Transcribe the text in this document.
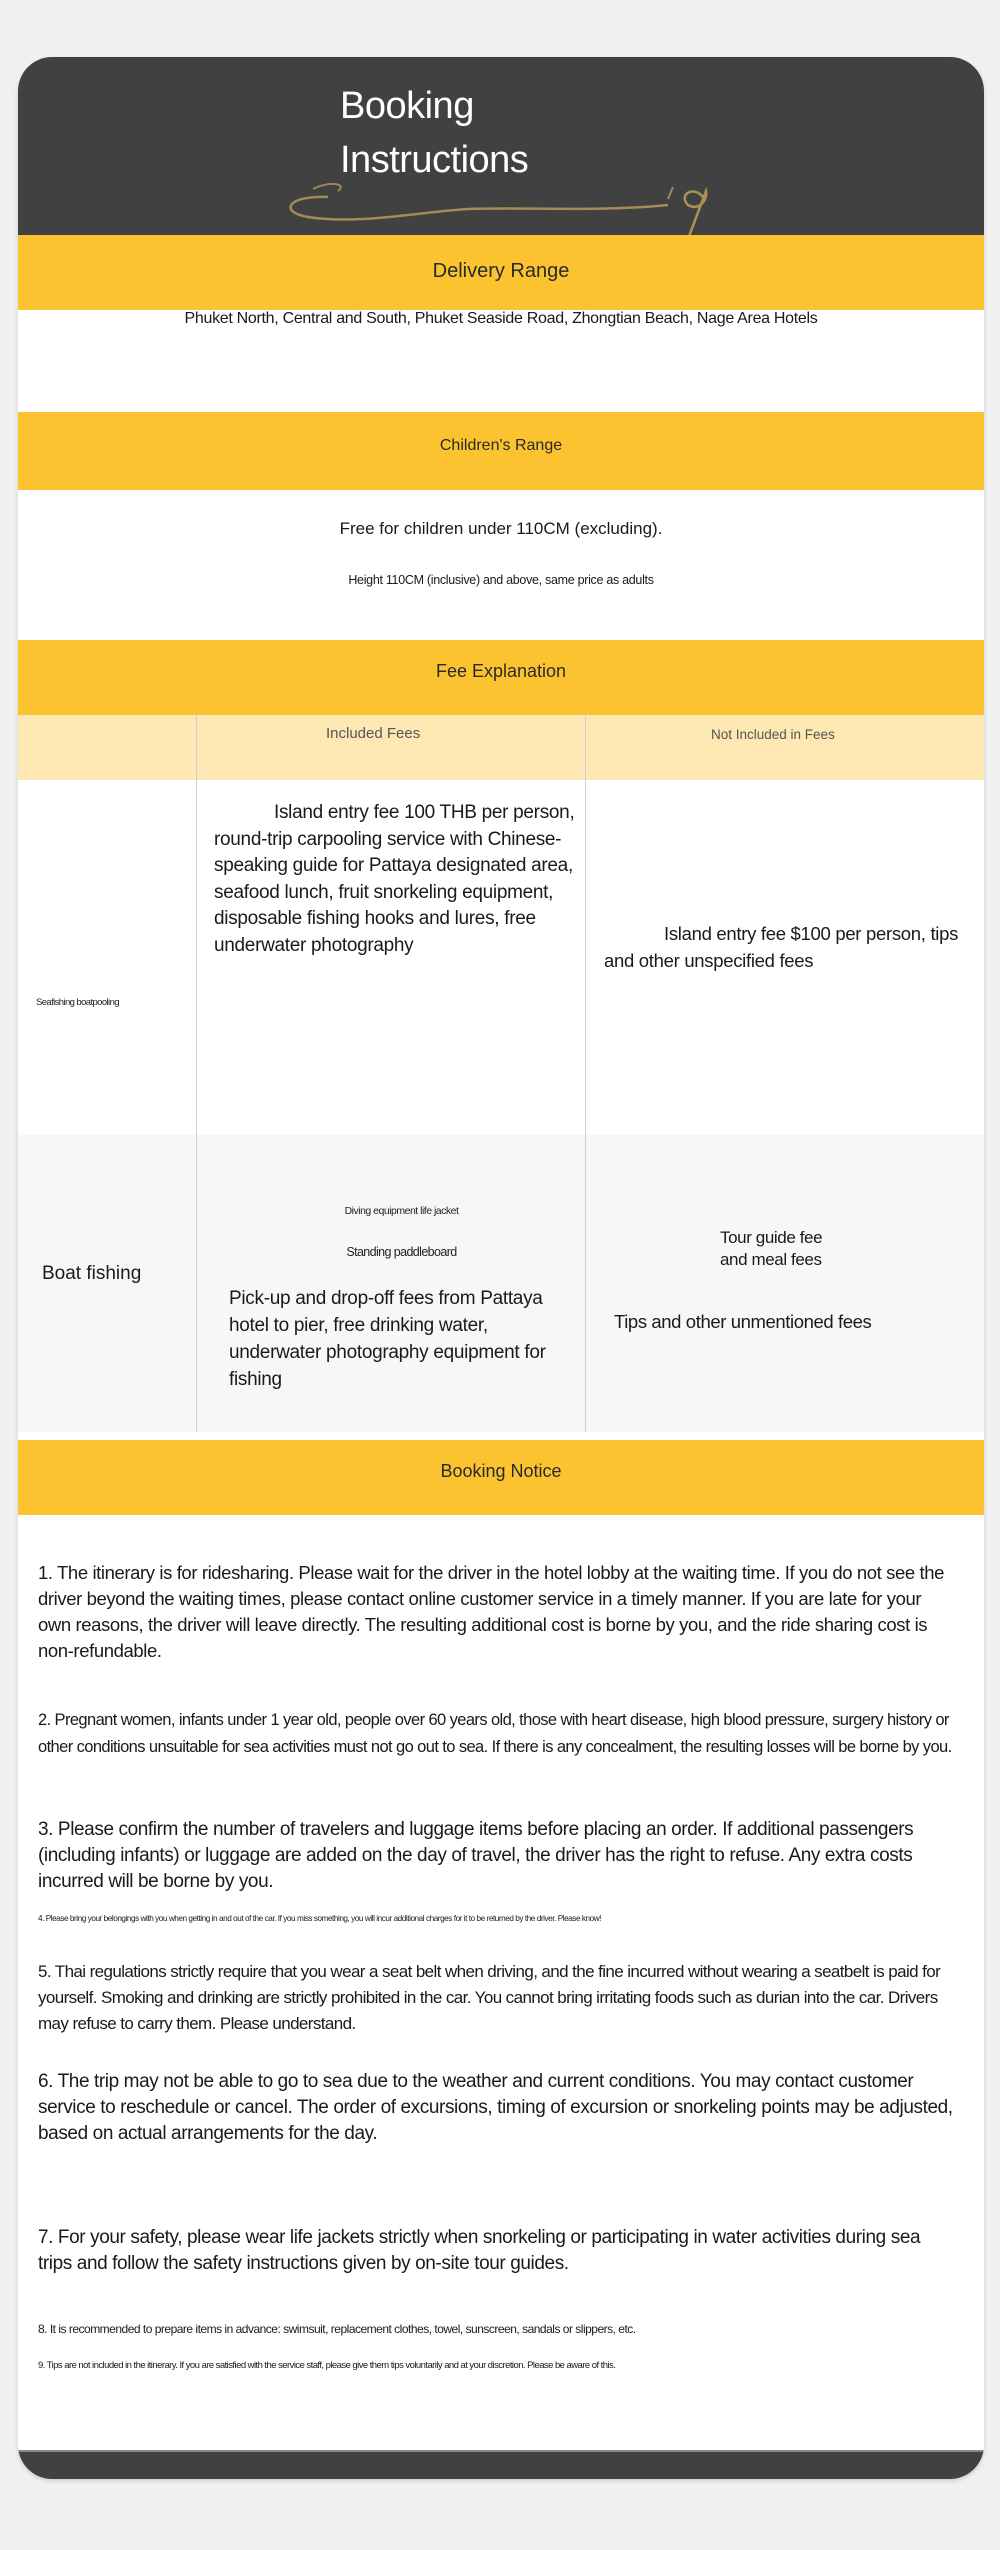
Booking
Instructions
Delivery Range
Phuket North, Central and South, Phuket Seaside Road, Zhongtian Beach, Nage Area Hotels
Children's Range
Free for children under 110CM (excluding).
Height 110CM (inclusive) and above, same price as adults
Fee Explanation
Included Fees	Not Included in Fees
Seafishing boatpooling
Island entry fee 100 THB per person, round-trip carpooling service with Chinese-speaking guide for Pattaya designated area, seafood lunch, fruit snorkeling equipment, disposable fishing hooks and lures, free underwater photography
Island entry fee $100 per person, tips and other unspecified fees
Boat fishing
Diving equipment life jacket
Standing paddleboard
Pick-up and drop-off fees from Pattaya hotel to pier, free drinking water, underwater photography equipment for fishing
Tour guide fee and meal fees
Tips and other unmentioned fees
Booking Notice
1. The itinerary is for ridesharing. Please wait for the driver in the hotel lobby at the waiting time. If you do not see the driver beyond the waiting times, please contact online customer service in a timely manner. If you are late for your own reasons, the driver will leave directly. The resulting additional cost is borne by you, and the ride sharing cost is non-refundable.
2. Pregnant women, infants under 1 year old, people over 60 years old, those with heart disease, high blood pressure, surgery history or other conditions unsuitable for sea activities must not go out to sea. If there is any concealment, the resulting losses will be borne by you.
3. Please confirm the number of travelers and luggage items before placing an order. If additional passengers (including infants) or luggage are added on the day of travel, the driver has the right to refuse. Any extra costs incurred will be borne by you.
4. Please bring your belongings with you when getting in and out of the car. If you miss something, you will incur additional charges for it to be returned by the driver. Please know!
5. Thai regulations strictly require that you wear a seat belt when driving, and the fine incurred without wearing a seatbelt is paid for yourself. Smoking and drinking are strictly prohibited in the car. You cannot bring irritating foods such as durian into the car. Drivers may refuse to carry them. Please understand.
6. The trip may not be able to go to sea due to the weather and current conditions. You may contact customer service to reschedule or cancel. The order of excursions, timing of excursion or snorkeling points may be adjusted, based on actual arrangements for the day.
7. For your safety, please wear life jackets strictly when snorkeling or participating in water activities during sea trips and follow the safety instructions given by on-site tour guides.
8. It is recommended to prepare items in advance: swimsuit, replacement clothes, towel, sunscreen, sandals or slippers, etc.
9. Tips are not included in the itinerary. If you are satisfied with the service staff, please give them tips voluntarily and at your discretion. Please be aware of this.
